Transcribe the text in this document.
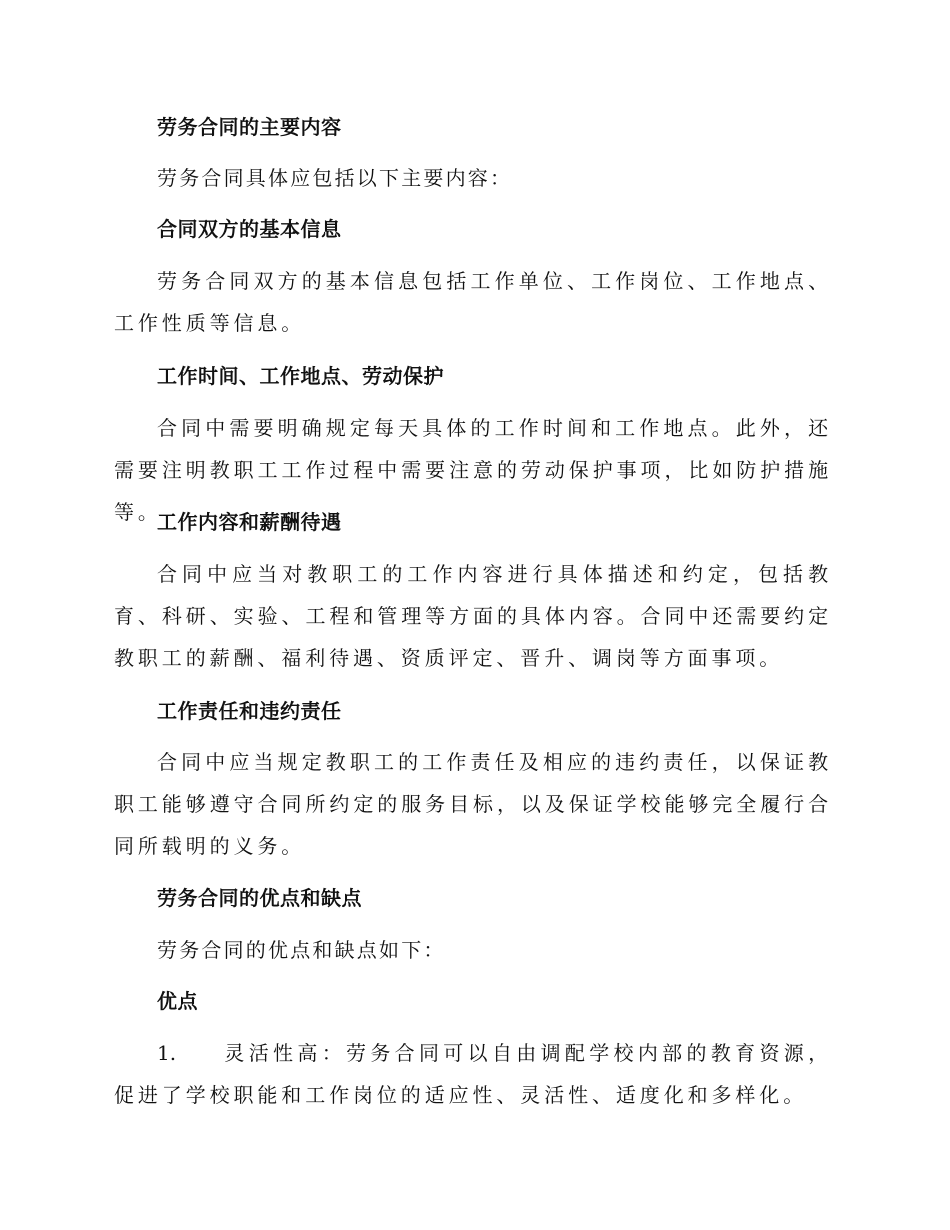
劳务合同的主要内容
劳务合同具体应包括以下主要内容：
合同双方的基本信息
劳务合同双方的基本信息包括工作单位、工作岗位、工作地点、工作性质等信息。
工作时间、工作地点、劳动保护
合同中需要明确规定每天具体的工作时间和工作地点。此外，还需要注明教职工工作过程中需要注意的劳动保护事项，比如防护措施等。
工作内容和薪酬待遇
合同中应当对教职工的工作内容进行具体描述和约定，包括教育、科研、实验、工程和管理等方面的具体内容。合同中还需要约定教职工的薪酬、福利待遇、资质评定、晋升、调岗等方面事项。
工作责任和违约责任
合同中应当规定教职工的工作责任及相应的违约责任，以保证教职工能够遵守合同所约定的服务目标，以及保证学校能够完全履行合同所载明的义务。
劳务合同的优点和缺点
劳务合同的优点和缺点如下：
优点
1. 灵活性高：劳务合同可以自由调配学校内部的教育资源，促进了学校职能和工作岗位的适应性、灵活性、适度化和多样化。
